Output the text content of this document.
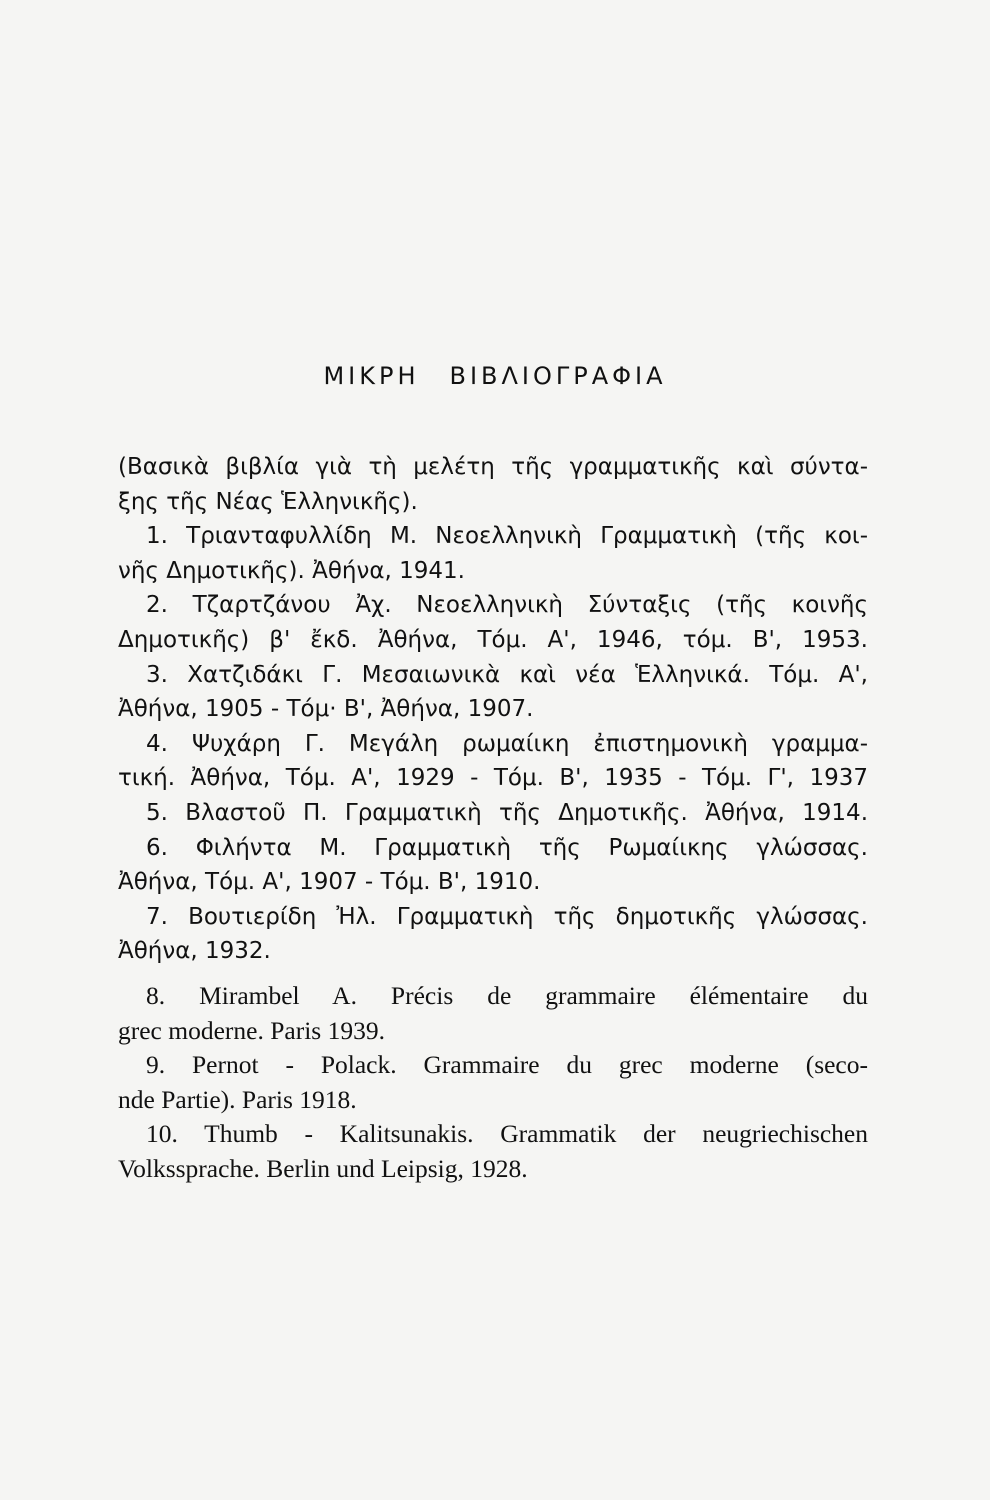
ΜΙΚΡΗ ΒΙΒΛΙΟΓΡΑΦΙΑ
(Βασικὰ βιβλία γιὰ τὴ μελέτη τῆς γραμματικῆς καὶ σύντα-
ξης τῆς Νέας Ἑλληνικῆς).
1. Τριανταφυλλίδη Μ. Νεοελληνικὴ Γραμματικὴ (τῆς κοι-
νῆς Δημοτικῆς). Ἀθήνα, 1941.
2. Τζαρτζάνου Ἀχ. Νεοελληνικὴ Σύνταξις (τῆς κοινῆς
Δημοτικῆς) β' ἔκδ. Ἀθήνα, Τόμ. Α', 1946, τόμ. Β', 1953.
3. Χατζιδάκι Γ. Μεσαιωνικὰ καὶ νέα Ἑλληνικά. Τόμ. Α',
Ἀθήνα, 1905 - Τόμ· Β', Ἀθήνα, 1907.
4. Ψυχάρη Γ. Μεγάλη ρωμαίικη ἐπιστημονικὴ γραμμα-
τική. Ἀθήνα, Τόμ. Α', 1929 - Τόμ. Β', 1935 - Τόμ. Γ', 1937
5. Βλαστοῦ Π. Γραμματικὴ τῆς Δημοτικῆς. Ἀθήνα, 1914.
6. Φιλήντα Μ. Γραμματικὴ τῆς Ρωμαίικης γλώσσας.
Ἀθήνα, Τόμ. Α', 1907 - Τόμ. Β', 1910.
7. Βουτιερίδη Ἠλ. Γραμματικὴ τῆς δημοτικῆς γλώσσας.
Ἀθήνα, 1932.
8. Mirambel A. Précis de grammaire élémentaire du
grec moderne. Paris 1939.
9. Pernot - Polack. Grammaire du grec moderne (seco-
nde Partie). Paris 1918.
10. Thumb - Kalitsunakis. Grammatik der neugriechischen
Volkssprache. Berlin und Leipsig, 1928.
